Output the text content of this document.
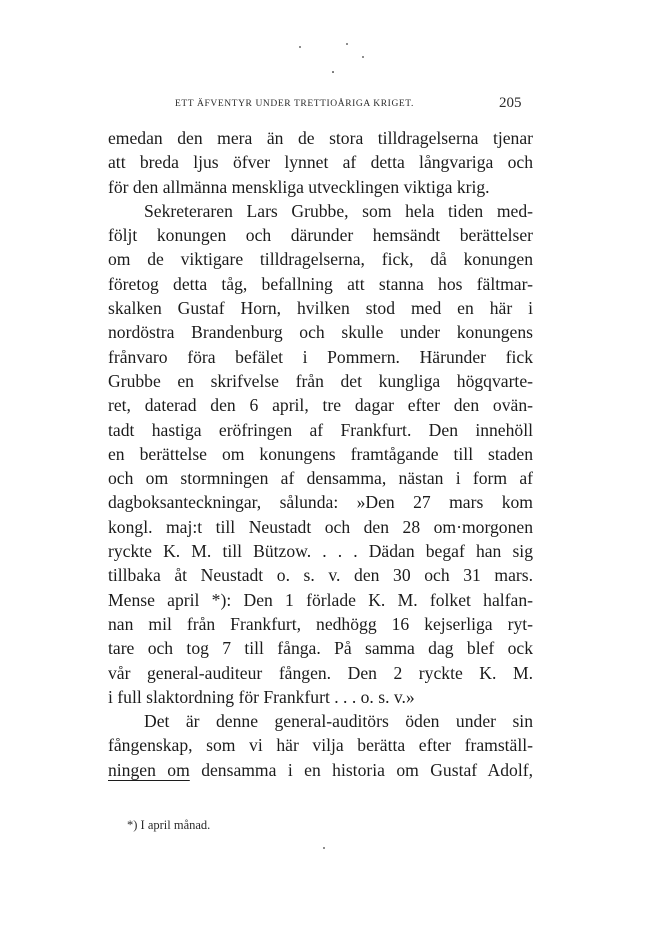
ETT ÄFVENTYR UNDER TRETTIOÅRIGA KRIGET.	205
emedan den mera än de stora tilldragelserna tjenar
att breda ljus öfver lynnet af detta långvariga och
för den allmänna menskliga utvecklingen viktiga krig.
Sekreteraren Lars Grubbe, som hela tiden med-
följt konungen och därunder hemsändt berättelser
om de viktigare tilldragelserna, fick, då konungen
företog detta tåg, befallning att stanna hos fältmar-
skalken Gustaf Horn, hvilken stod med en här i
nordöstra Brandenburg och skulle under konungens
frånvaro föra befälet i Pommern. Härunder fick
Grubbe en skrifvelse från det kungliga högqvarte-
ret, daterad den 6 april, tre dagar efter den ovän-
tadt hastiga eröfringen af Frankfurt. Den innehöll
en berättelse om konungens framtågande till staden
och om stormningen af densamma, nästan i form af
dagboksanteckningar, sålunda: »Den 27 mars kom
kongl. maj:t till Neustadt och den 28 om·morgonen
ryckte K. M. till Bützow. . . . Dädan begaf han sig
tillbaka åt Neustadt o. s. v. den 30 och 31 mars.
Mense april *): Den 1 förlade K. M. folket halfan-
nan mil från Frankfurt, nedhögg 16 kejserliga ryt-
tare och tog 7 till fånga. På samma dag blef ock
vår general-auditeur fången. Den 2 ryckte K. M.
i full slaktordning för Frankfurt . . . o. s. v.»
Det är denne general-auditörs öden under sin
fångenskap, som vi här vilja berätta efter framställ-
ningen om densamma i en historia om Gustaf Adolf,
*) I april månad.
